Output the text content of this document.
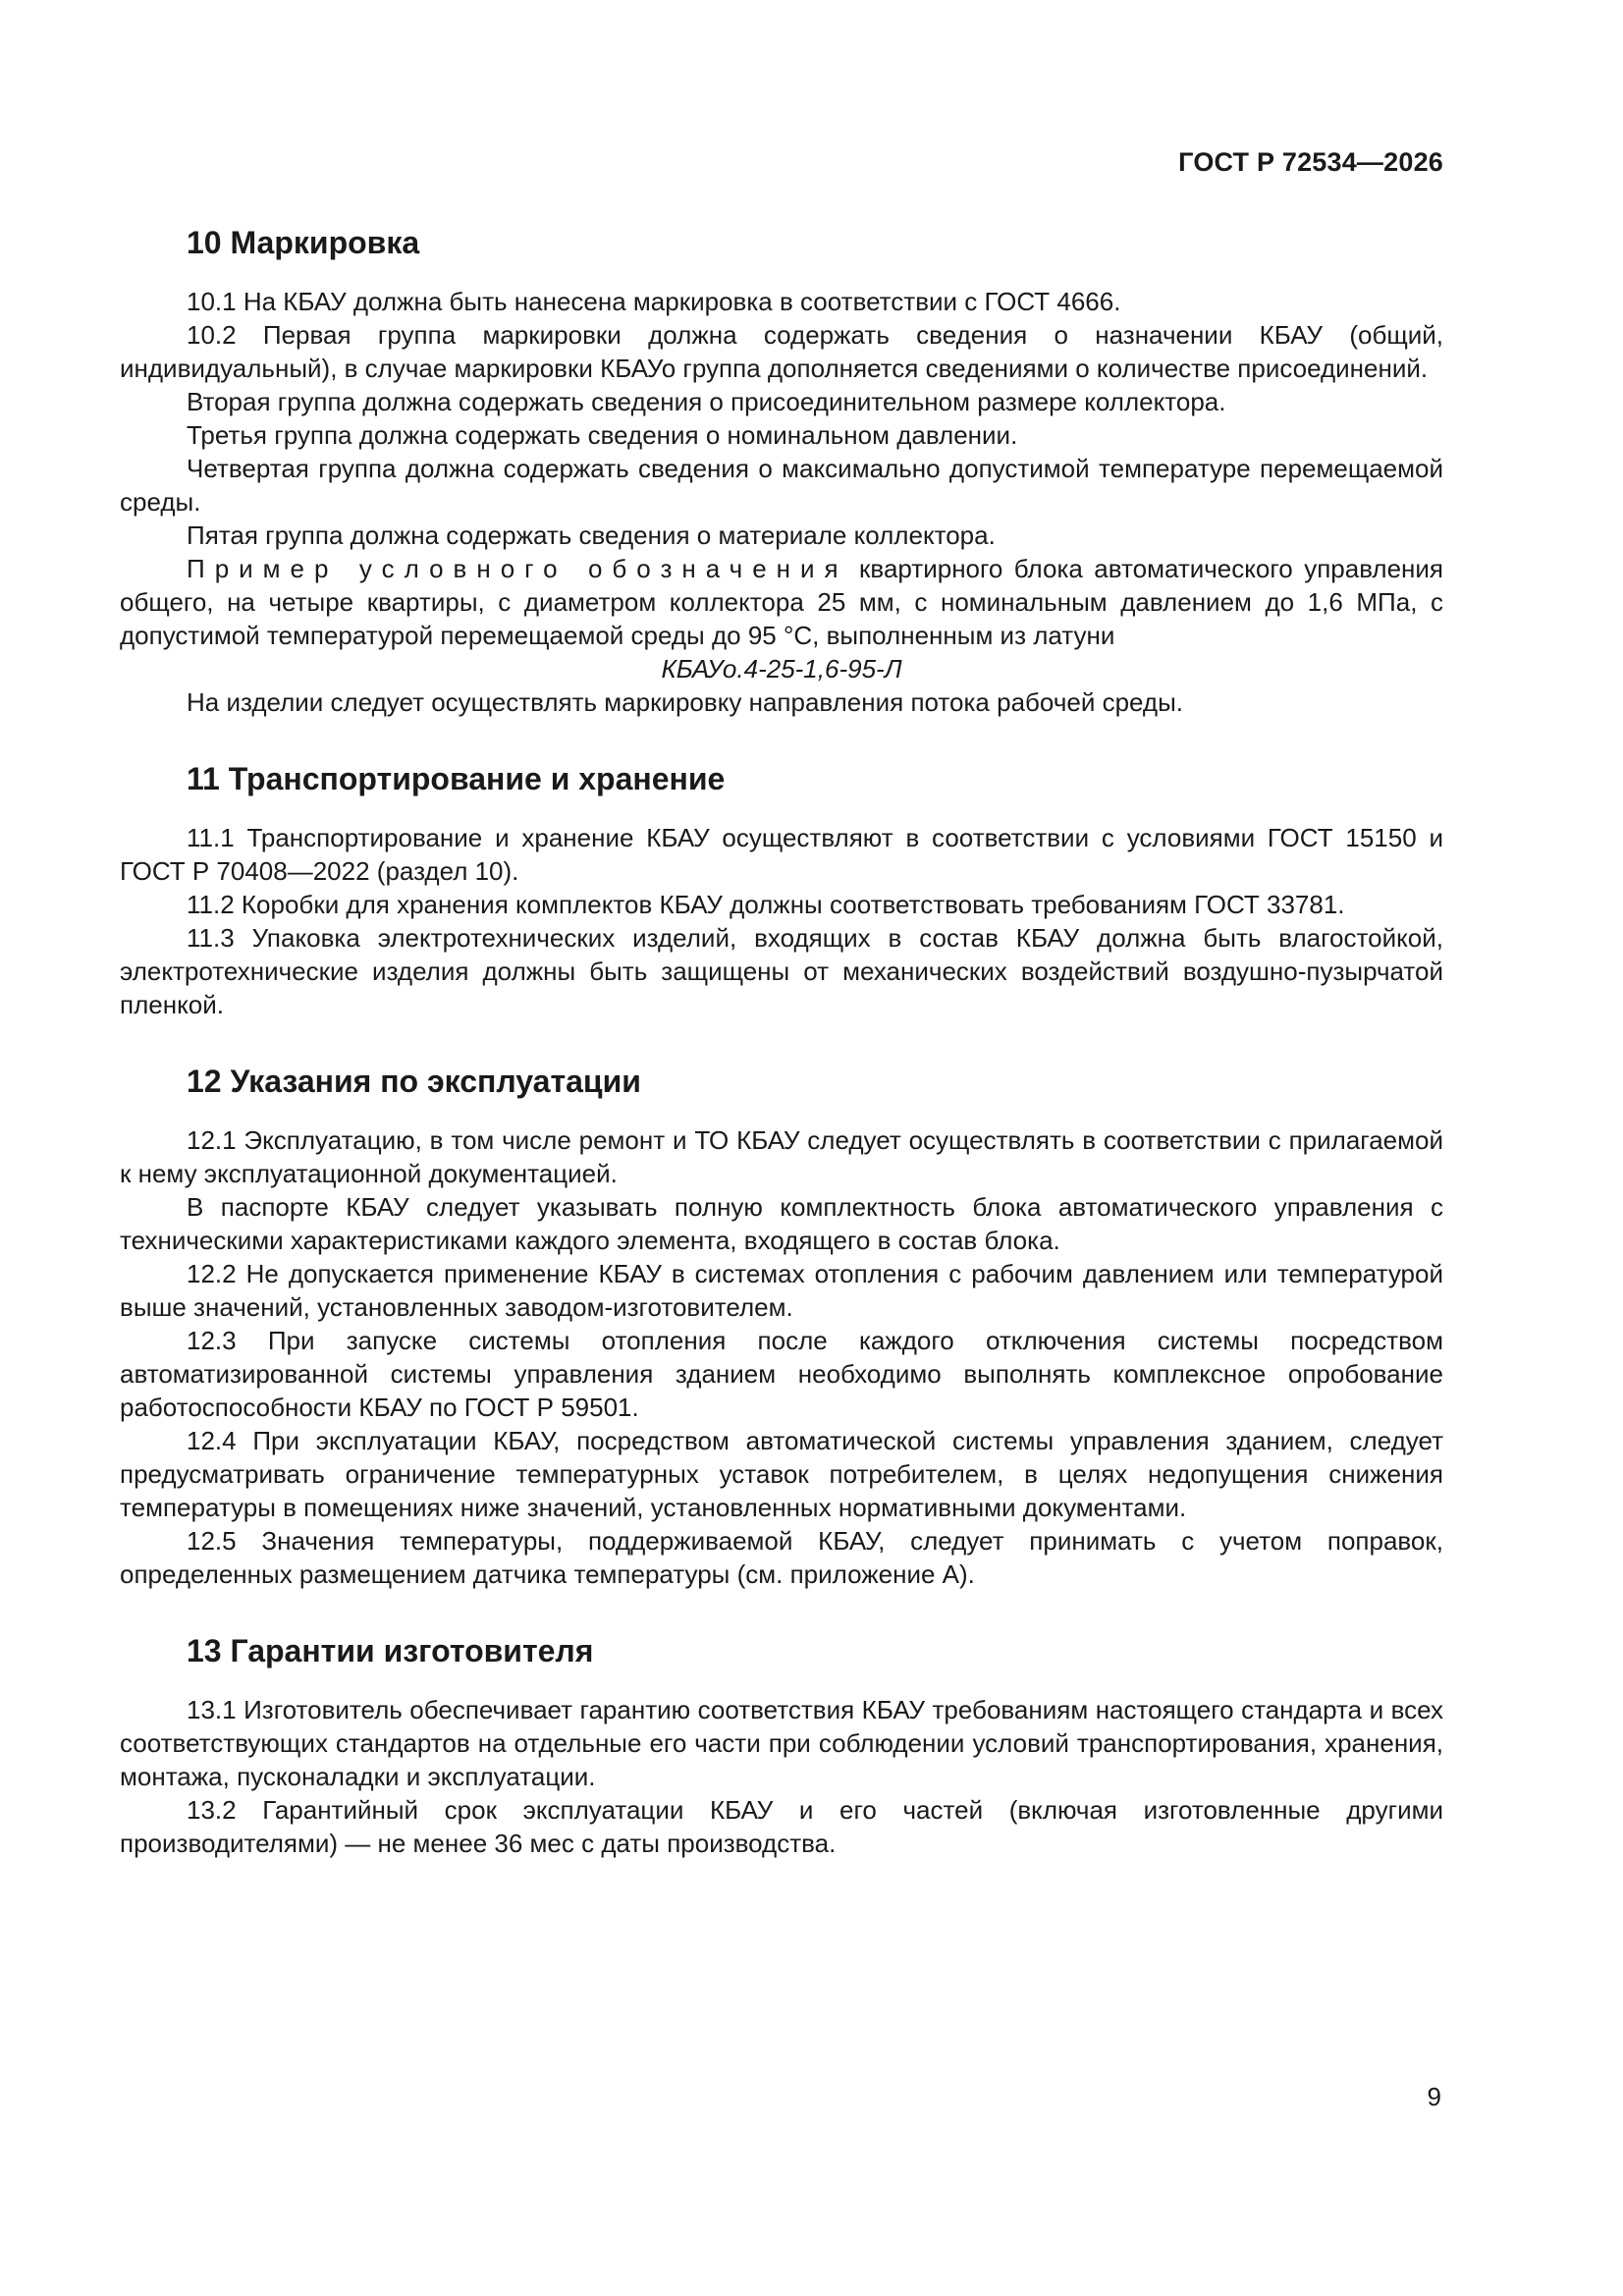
ГОСТ Р 72534—2026
10 Маркировка

10.1 На КБАУ должна быть нанесена маркировка в соответствии с ГОСТ 4666.

10.2 Первая группа маркировки должна содержать сведения о назначении КБАУ (общий, индивидуальный), в случае маркировки КБАУо группа дополняется сведениями о количестве присоединений.

Вторая группа должна содержать сведения о присоединительном размере коллектора.

Третья группа должна содержать сведения о номинальном давлении.

Четвертая группа должна содержать сведения о максимально допустимой температуре перемещаемой среды.

Пятая группа должна содержать сведения о материале коллектора.

Пример условного обозначения квартирного блока автоматического управления общего, на четыре квартиры, с диаметром коллектора 25 мм, с номинальным давлением до 1,6 МПа, с допустимой температурой перемещаемой среды до 95 °С, выполненным из латуни

КБАУо.4-25-1,6-95-Л

На изделии следует осуществлять маркировку направления потока рабочей среды.

11 Транспортирование и хранение

11.1 Транспортирование и хранение КБАУ осуществляют в соответствии с условиями ГОСТ 15150 и ГОСТ Р 70408—2022 (раздел 10).

11.2 Коробки для хранения комплектов КБАУ должны соответствовать требованиям ГОСТ 33781.

11.3 Упаковка электротехнических изделий, входящих в состав КБАУ должна быть влагостойкой, электротехнические изделия должны быть защищены от механических воздействий воздушно-пузырчатой пленкой.

12 Указания по эксплуатации

12.1 Эксплуатацию, в том числе ремонт и ТО КБАУ следует осуществлять в соответствии с прилагаемой к нему эксплуатационной документацией.

В паспорте КБАУ следует указывать полную комплектность блока автоматического управления с техническими характеристиками каждого элемента, входящего в состав блока.

12.2 Не допускается применение КБАУ в системах отопления с рабочим давлением или температурой выше значений, установленных заводом-изготовителем.

12.3 При запуске системы отопления после каждого отключения системы посредством автоматизированной системы управления зданием необходимо выполнять комплексное опробование работоспособности КБАУ по ГОСТ Р 59501.

12.4 При эксплуатации КБАУ, посредством автоматической системы управления зданием, следует предусматривать ограничение температурных уставок потребителем, в целях недопущения снижения температуры в помещениях ниже значений, установленных нормативными документами.

12.5 Значения температуры, поддерживаемой КБАУ, следует принимать с учетом поправок, определенных размещением датчика температуры (см. приложение А).

13 Гарантии изготовителя

13.1 Изготовитель обеспечивает гарантию соответствия КБАУ требованиям настоящего стандарта и всех соответствующих стандартов на отдельные его части при соблюдении условий транспортирования, хранения, монтажа, пусконаладки и эксплуатации.

13.2 Гарантийный срок эксплуатации КБАУ и его частей (включая изготовленные другими производителями) — не менее 36 мес с даты производства.

9
